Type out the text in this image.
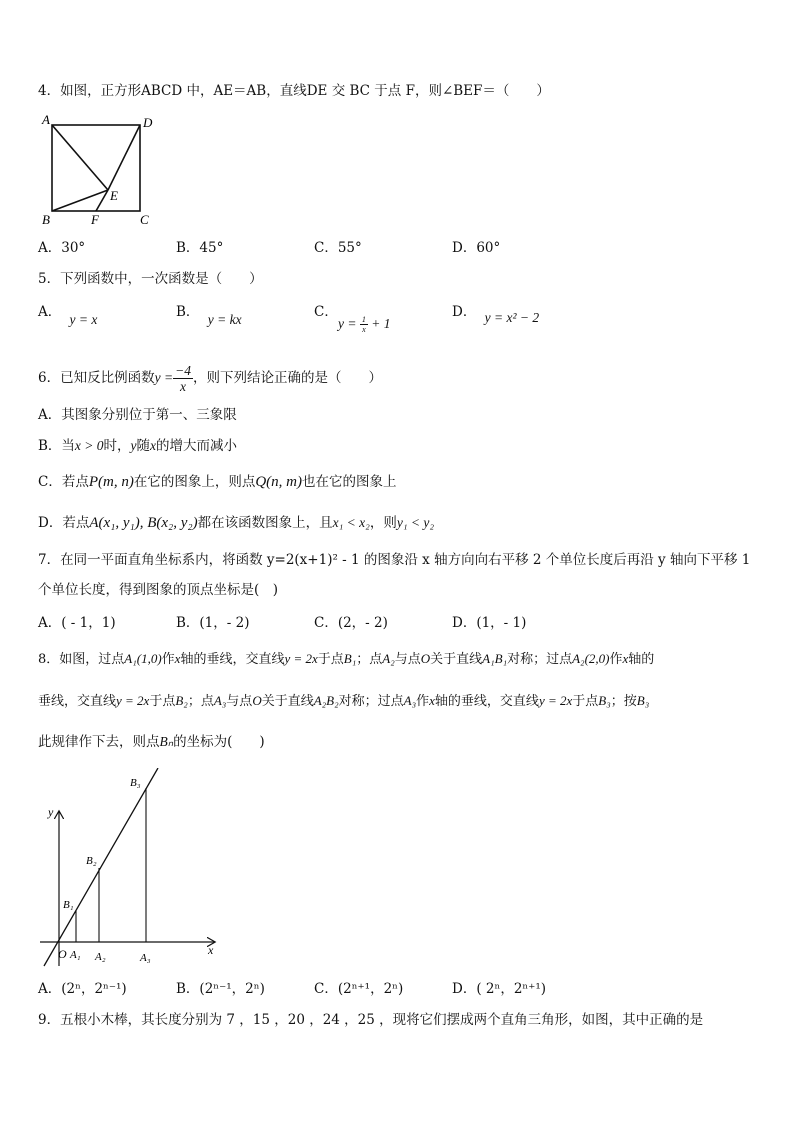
4．如图，正方形ABCD 中，AE＝AB，直线DE 交 BC 于点 F，则∠BEF＝（　　）
A	D
E
B	F	C
A．30°	B．45°	C．55°	D．60°
5．下列函数中，一次函数是（　　）
A． y = x	B． y = kx	C．
$y = \frac{1}{x} + 1$
D． y = x² − 2
6．已知反比例函数$y = \frac{-4}{x}$ ，则下列结论正确的是（　　）
A．其图象分别位于第一、三象限
B．当x > 0时，y随x的增大而减小
C．若点P(m, n)在它的图象上，则点Q(n, m)也在它的图象上
D．若点A(x₁, y₁), B(x₂, y₂)都在该函数图象上，且x₁ < x₂，则y₁ < y₂
7．在同一平面直角坐标系内，将函数 y=2(x+1)² - 1 的图象沿 x 轴方向向右平移 2 个单位长度后再沿 y 轴向下平移 1
个单位长度，得到图象的顶点坐标是(　)
A．( - 1，1)	B．(1，- 2)	C．(2，- 2)	D．(1，- 1)
8．如图，过点A₁(1,0)作x轴的垂线，交直线y = 2x于点B₁；点A₂与点O关于直线A₁B₁对称；过点A₂(2,0)作x轴的
垂线，交直线y = 2x于点B₂；点A₃与点O关于直线A₂B₂对称；过点A₃作x轴的垂线，交直线y = 2x于点B₃；按B₃
此规律作下去，则点Bₙ的坐标为(　　)
y
x
O A₁ A₂	A₃
B₁
B₂
B₃
A．(2ⁿ，2ⁿ⁻¹)	B．(2ⁿ⁻¹，2ⁿ)	C．(2ⁿ⁺¹，2ⁿ)	D．( 2ⁿ，2ⁿ⁺¹)
9．五根小木棒，其长度分别为 7 ，15 ，20 ，24 ，25 ，现将它们摆成两个直角三角形，如图，其中正确的是
